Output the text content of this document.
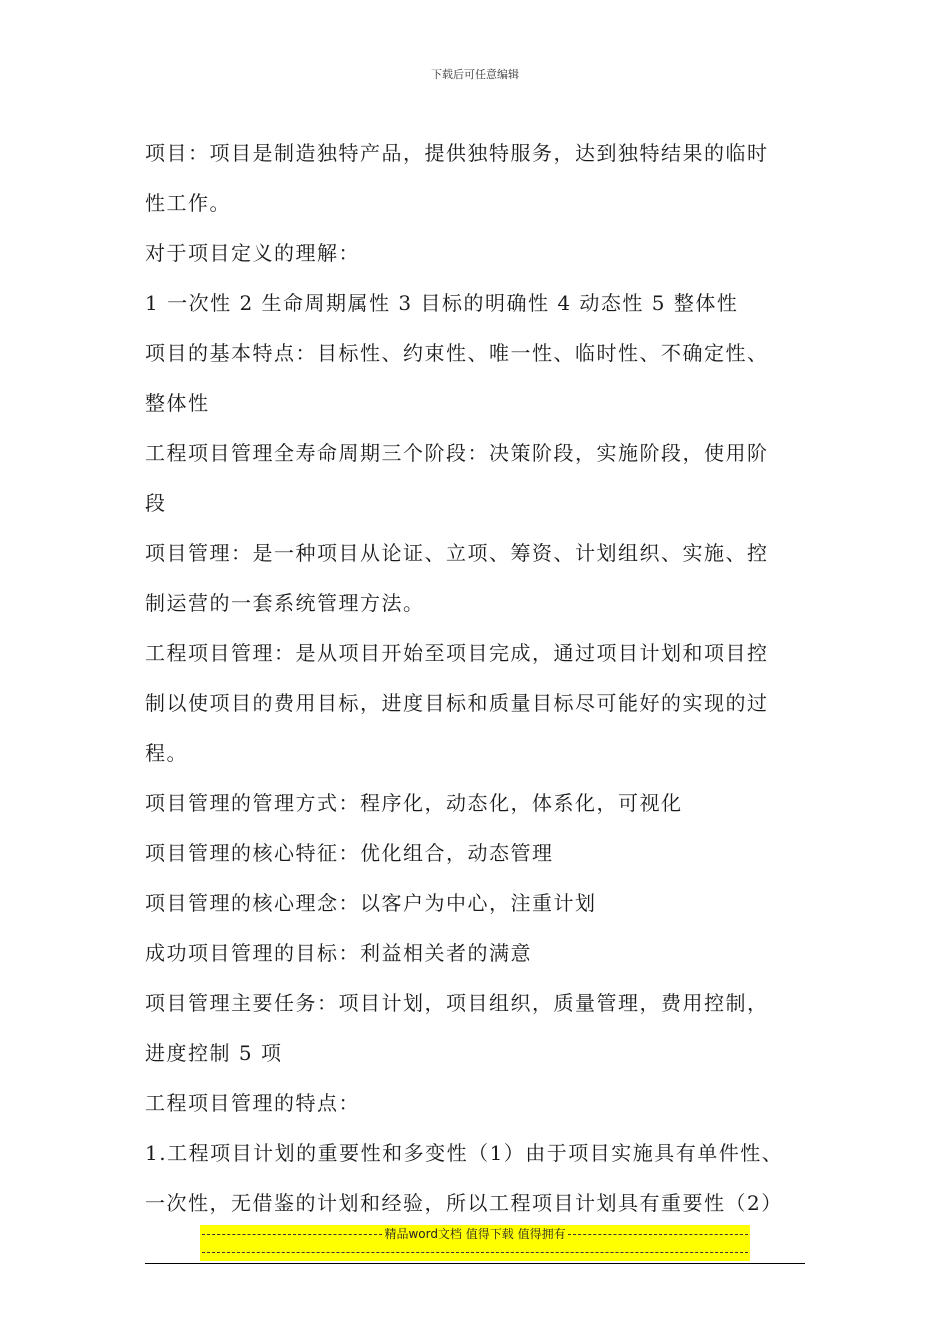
下载后可任意编辑
项目：项目是制造独特产品，提供独特服务，达到独特结果的临时
性工作。
对于项目定义的理解：
1 一次性 2 生命周期属性 3 目标的明确性 4 动态性 5 整体性
项目的基本特点：目标性、约束性、唯一性、临时性、不确定性、
整体性
工程项目管理全寿命周期三个阶段：决策阶段，实施阶段，使用阶
段
项目管理：是一种项目从论证、立项、筹资、计划组织、实施、控
制运营的一套系统管理方法。
工程项目管理：是从项目开始至项目完成，通过项目计划和项目控
制以使项目的费用目标，进度目标和质量目标尽可能好的实现的过
程。
项目管理的管理方式：程序化，动态化，体系化，可视化
项目管理的核心特征：优化组合，动态管理
项目管理的核心理念：以客户为中心，注重计划
成功项目管理的目标：利益相关者的满意
项目管理主要任务：项目计划，项目组织，质量管理，费用控制，
进度控制 5 项
工程项目管理的特点：
1.工程项目计划的重要性和多变性（1）由于项目实施具有单件性、
一次性，无借鉴的计划和经验，所以工程项目计划具有重要性（2）
精品word文档 值得下载 值得拥有
